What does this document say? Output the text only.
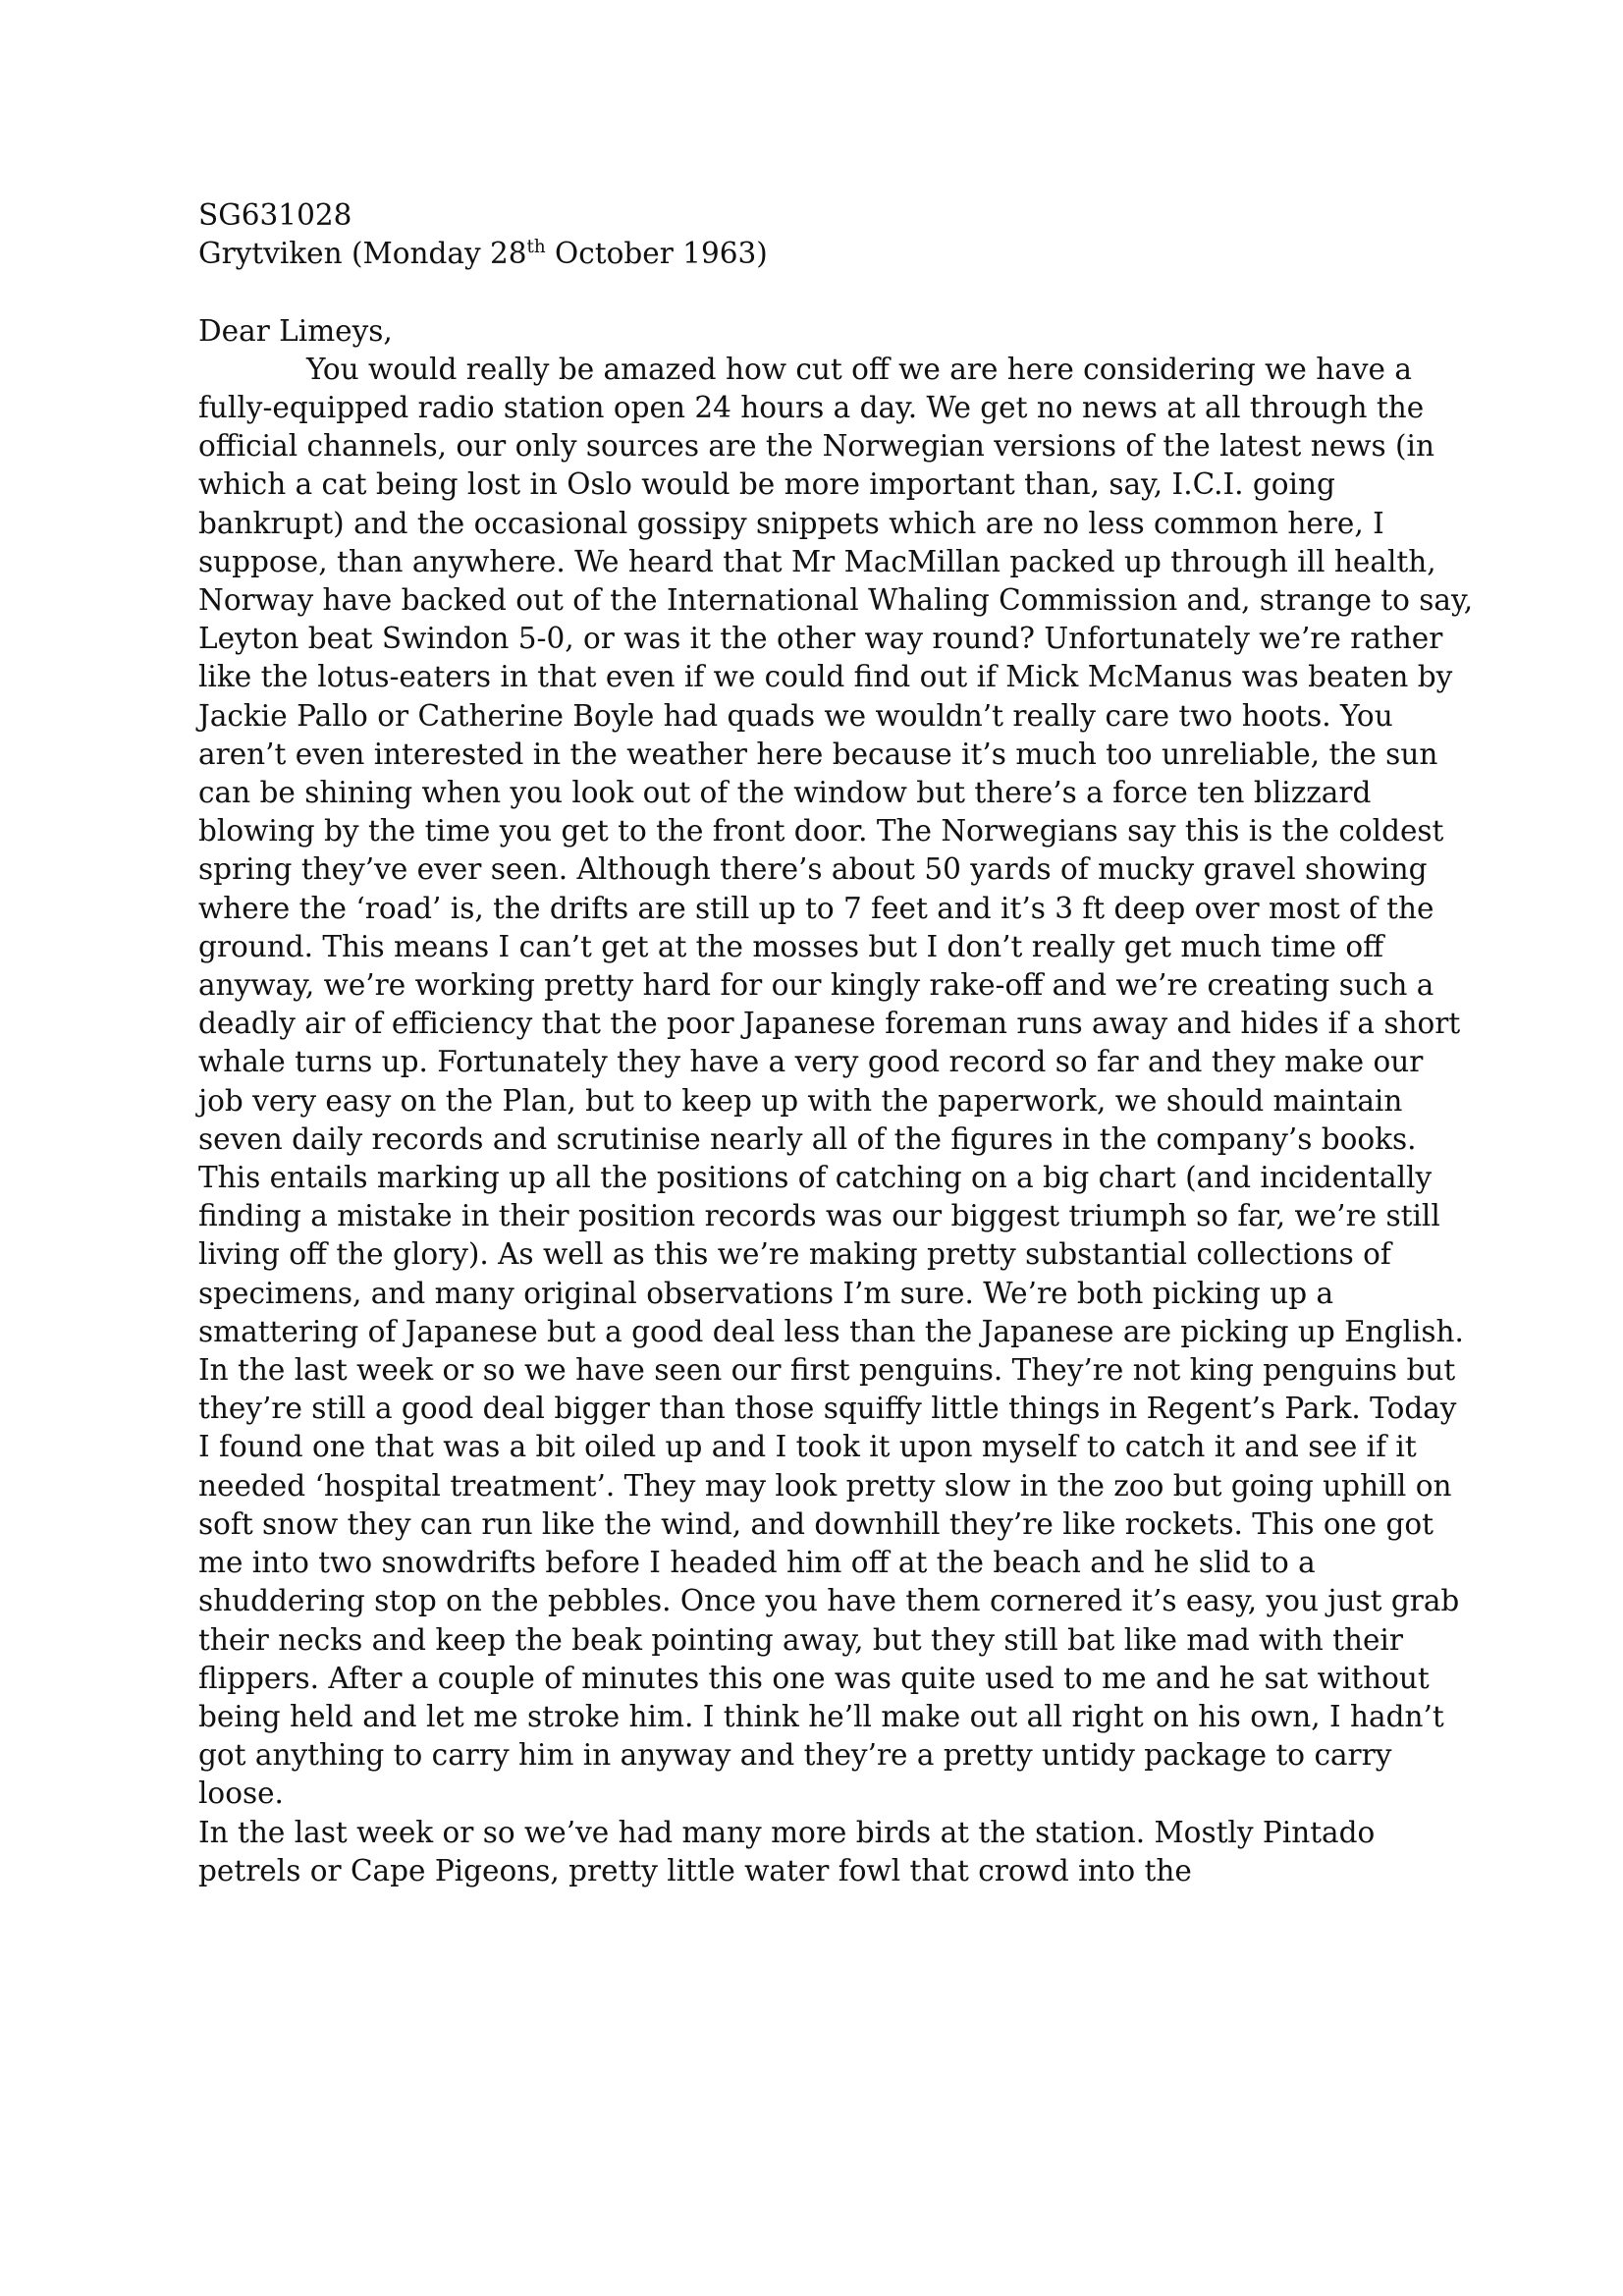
SG631028

Grytviken (Monday 28th October 1963)

Dear Limeys,

You would really be amazed how cut off we are here considering we have a fully-equipped radio station open 24 hours a day. We get no news at all through the official channels, our only sources are the Norwegian versions of the latest news (in which a cat being lost in Oslo would be more important than, say, I.C.I. going bankrupt) and the occasional gossipy snippets which are no less common here, I suppose, than anywhere. We heard that Mr MacMillan packed up through ill health, Norway have backed out of the International Whaling Commission and, strange to say, Leyton beat Swindon 5-0, or was it the other way round? Unfortunately we’re rather like the lotus-eaters in that even if we could find out if Mick McManus was beaten by Jackie Pallo or Catherine Boyle had quads we wouldn’t really care two hoots. You aren’t even interested in the weather here because it’s much too unreliable, the sun can be shining when you look out of the window but there’s a force ten blizzard blowing by the time you get to the front door. The Norwegians say this is the coldest spring they’ve ever seen. Although there’s about 50 yards of mucky gravel showing where the ‘road’ is, the drifts are still up to 7 feet and it’s 3 ft deep over most of the ground. This means I can’t get at the mosses but I don’t really get much time off anyway, we’re working pretty hard for our kingly rake-off and we’re creating such a deadly air of efficiency that the poor Japanese foreman runs away and hides if a short whale turns up. Fortunately they have a very good record so far and they make our job very easy on the Plan, but to keep up with the paperwork, we should maintain seven daily records and scrutinise nearly all of the figures in the company’s books. This entails marking up all the positions of catching on a big chart (and incidentally finding a mistake in their position records was our biggest triumph so far, we’re still living off the glory). As well as this we’re making pretty substantial collections of specimens, and many original observations I’m sure. We’re both picking up a smattering of Japanese but a good deal less than the Japanese are picking up English.

In the last week or so we have seen our first penguins. They’re not king penguins but they’re still a good deal bigger than those squiffy little things in Regent’s Park. Today I found one that was a bit oiled up and I took it upon myself to catch it and see if it needed ‘hospital treatment’. They may look pretty slow in the zoo but going uphill on soft snow they can run like the wind, and downhill they’re like rockets. This one got me into two snowdrifts before I headed him off at the beach and he slid to a shuddering stop on the pebbles. Once you have them cornered it’s easy, you just grab their necks and keep the beak pointing away, but they still bat like mad with their flippers. After a couple of minutes this one was quite used to me and he sat without being held and let me stroke him. I think he’ll make out all right on his own, I hadn’t got anything to carry him in anyway and they’re a pretty untidy package to carry loose.

In the last week or so we’ve had many more birds at the station. Mostly Pintado petrels or Cape Pigeons, pretty little water fowl that crowd into the
